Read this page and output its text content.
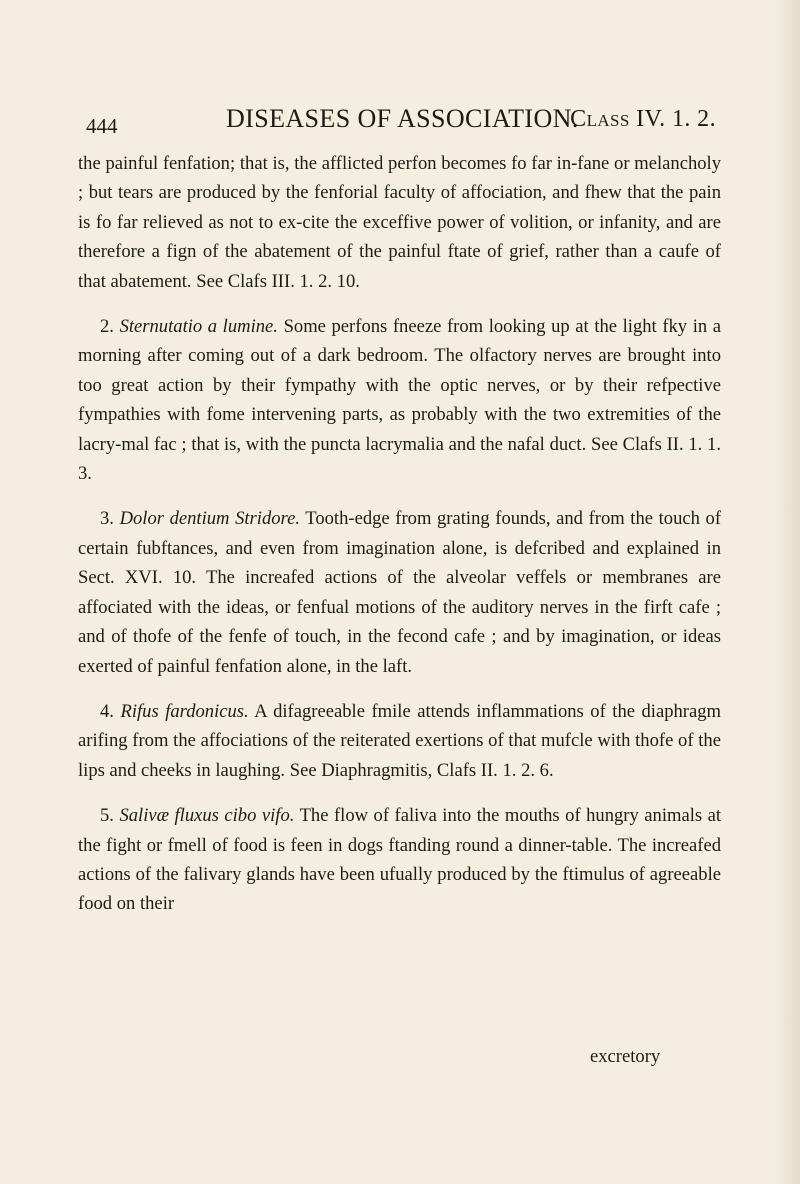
444	DISEASES OF ASSOCIATION.
Class IV. 1. 2.

the painful fenfation; that is, the afflicted perfon becomes fo far in-fane or melancholy ; but tears are produced by the fenforial faculty of affociation, and fhew that the pain is fo far relieved as not to ex-cite the exceffive power of volition, or infanity, and are therefore a fign of the abatement of the painful ftate of grief, rather than a caufe of that abatement. See Clafs III. 1. 2. 10.

2. Sternutatio a lumine. Some perfons fneeze from looking up at the light fky in a morning after coming out of a dark bedroom. The olfactory nerves are brought into too great action by their fympathy with the optic nerves, or by their refpective fympathies with fome intervening parts, as probably with the two extremities of the lacry-mal fac ; that is, with the puncta lacrymalia and the nafal duct. See Clafs II. 1. 1. 3.

3. Dolor dentium Stridore. Tooth-edge from grating founds, and from the touch of certain fubftances, and even from imagination alone, is defcribed and explained in Sect. XVI. 10. The increafed actions of the alveolar veffels or membranes are affociated with the ideas, or fenfual motions of the auditory nerves in the firft cafe ; and of thofe of the fenfe of touch, in the fecond cafe ; and by imagination, or ideas exerted of painful fenfation alone, in the laft.

4. Rifus fardonicus. A difagreeable fmile attends inflammations of the diaphragm arifing from the affociations of the reiterated exertions of that mufcle with thofe of the lips and cheeks in laughing. See Diaphragmitis, Clafs II. 1. 2. 6.

5. Salivæ fluxus cibo vifo. The flow of faliva into the mouths of hungry animals at the fight or fmell of food is feen in dogs ftanding round a dinner-table. The increafed actions of the falivary glands have been ufually produced by the ftimulus of agreeable food on their

excretory
